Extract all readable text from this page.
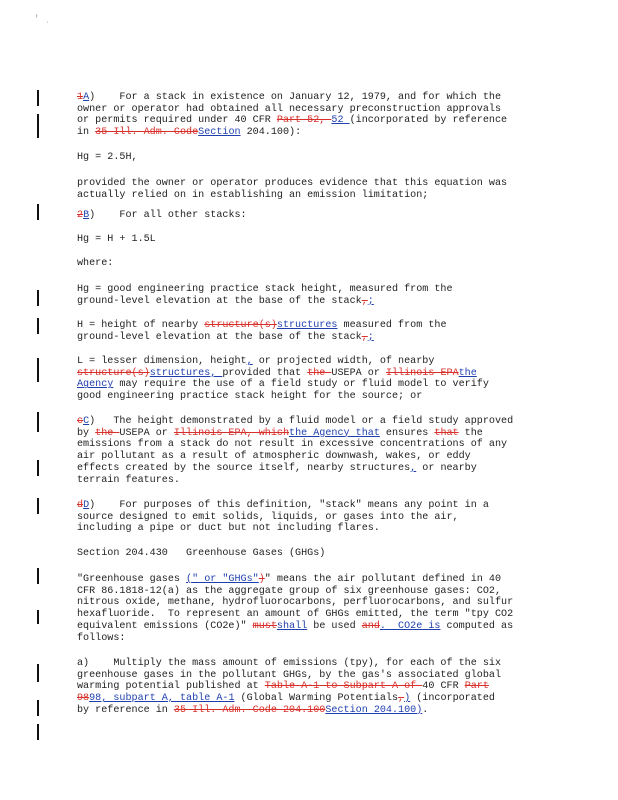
' ˌ
1A)    For a stack in existence on January 12, 1979, and for which the
owner or operator had obtained all necessary preconstruction approvals
or permits required under 40 CFR Part 52, 52 (incorporated by reference
in 35 Ill. Adm. CodeSection 204.100):
Hg = 2.5H,
provided the owner or operator produces evidence that this equation was
actually relied on in establishing an emission limitation;
2B)    For all other stacks:
Hg = H + 1.5L
where:
Hg = good engineering practice stack height, measured from the
ground-level elevation at the base of the stack,;
H = height of nearby structure(s)structures measured from the
ground-level elevation at the base of the stack,;
L = lesser dimension, height, or projected width, of nearby
structure(s)structures, provided that the USEPA or Illinois EPAthe
Agency may require the use of a field study or fluid model to verify
good engineering practice stack height for the source; or
cC)   The height demonstrated by a fluid model or a field study approved
by the USEPA or Illinois EPA, whichthe Agency that ensures that the
emissions from a stack do not result in excessive concentrations of any
air pollutant as a result of atmospheric downwash, wakes, or eddy
effects created by the source itself, nearby structures, or nearby
terrain features.
dD)    For purposes of this definition, "stack" means any point in a
source designed to emit solids, liquids, or gases into the air,
including a pipe or duct but not including flares.
Section 204.430   Greenhouse Gases (GHGs)
"Greenhouse gases (" or "GHGs")" means the air pollutant defined in 40
CFR 86.1818-12(a) as the aggregate group of six greenhouse gases: CO2,
nitrous oxide, methane, hydrofluorocarbons, perfluorocarbons, and sulfur
hexafluoride.  To represent an amount of GHGs emitted, the term "tpy CO2
equivalent emissions (CO2e)" mustshall be used and.  CO2e is computed as
follows:
a)    Multiply the mass amount of emissions (tpy), for each of the six
greenhouse gases in the pollutant GHGs, by the gas's associated global
warming potential published at Table A-1 to Subpart A of 40 CFR Part
9898, subpart A, table A-1 (Global Warming Potentials,) (incorporated
by reference in 35 Ill. Adm. Code 204.100Section 204.100).
